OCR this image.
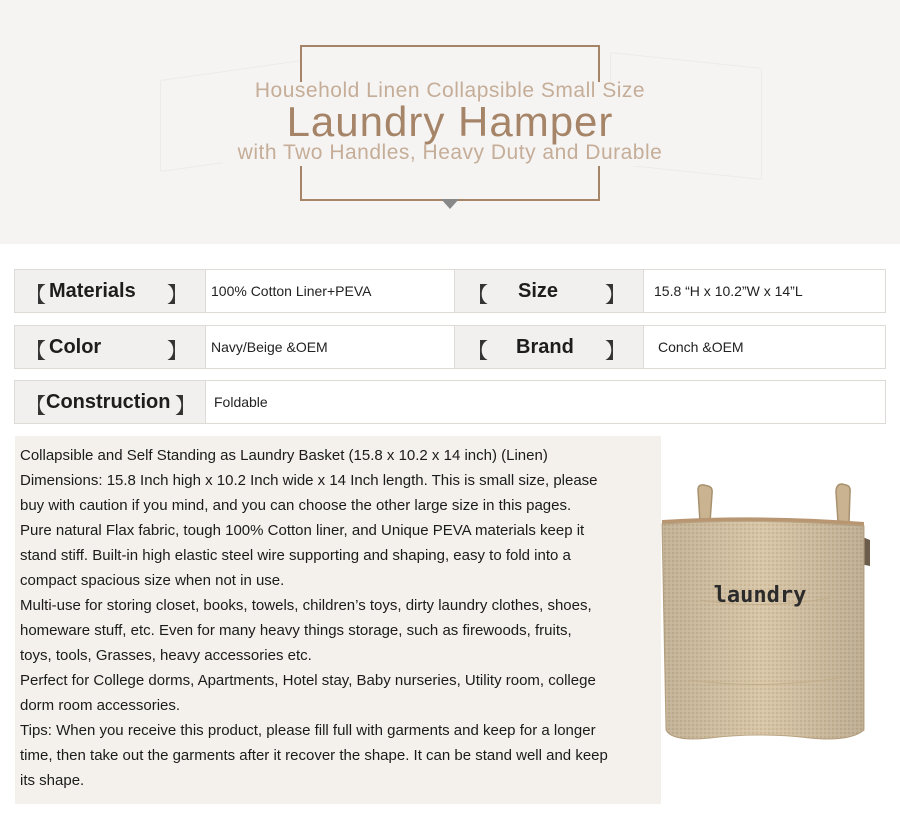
Household Linen Collapsible Small Size
Laundry Hamper
with Two Handles, Heavy Duty and Durable
【 Materials 】 100% Cotton Liner+PEVA	【 Size 】 15.8 “H x 10.2”W x 14”L
【 Color	】 Navy/Beige &OEM	【 Brand 】 Conch &OEM
【 Construction 】 Foldable

Collapsible and Self Standing as Laundry Basket (15.8 x 10.2 x 14 inch) (Linen)

Dimensions: 15.8 Inch high x 10.2 Inch wide x 14 Inch length. This is small size, please

buy with caution if you mind, and you can choose the other large size in this pages.

Pure natural Flax fabric, tough 100% Cotton liner, and Unique PEVA materials keep it

stand stiff. Built-in high elastic steel wire supporting and shaping, easy to fold into a

compact spacious size when not in use.

Multi-use for storing closet, books, towels, children’s toys, dirty laundry clothes, shoes,

homeware stuff, etc. Even for many heavy things storage, such as firewoods, fruits,

toys, tools, Grasses, heavy accessories etc.

Perfect for College dorms, Apartments, Hotel stay, Baby nurseries, Utility room, college

dorm room accessories.

Tips: When you receive this product, please fill full with garments and keep for a longer

time, then take out the garments after it recover the shape. It can be stand well and keep

its shape.

laundry
